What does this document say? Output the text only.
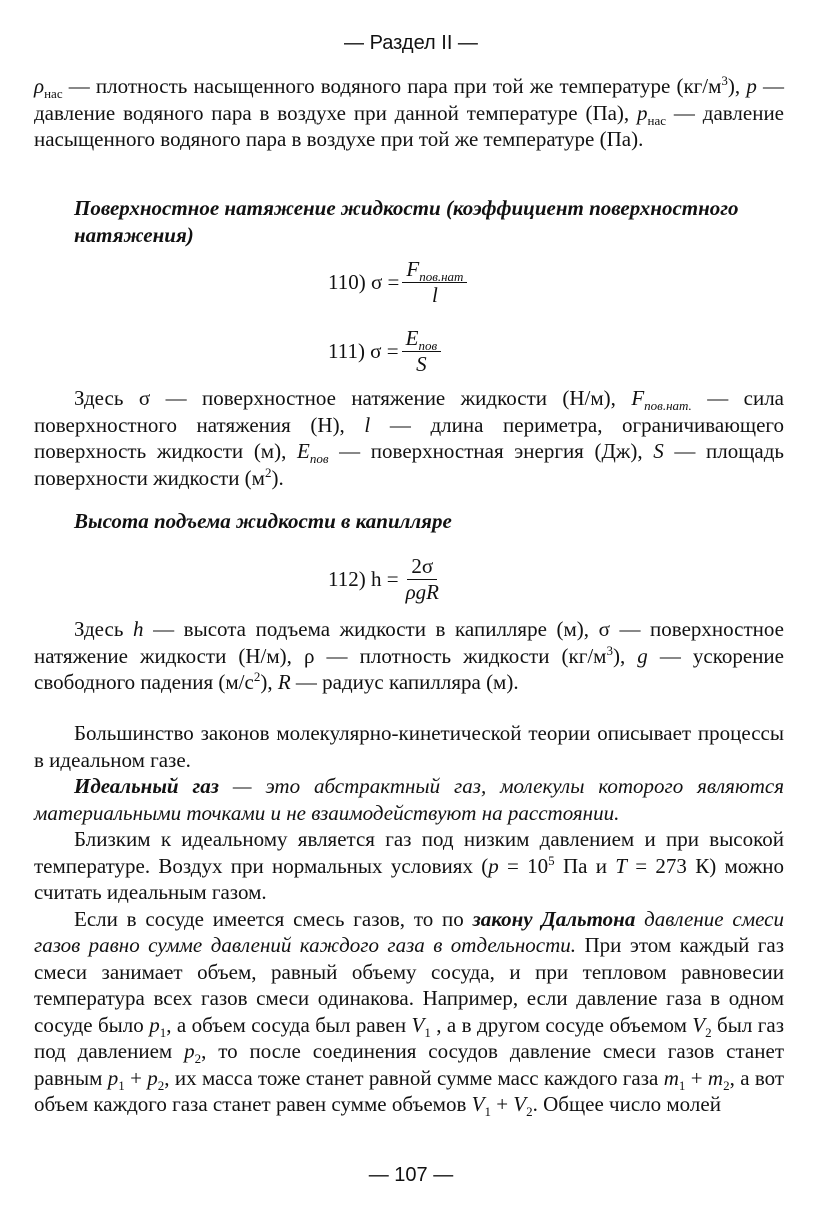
— Раздел II —

$\rho_{нас}$ — плотность насыщенного водяного пара при той же температуре $(кг/м^3)$, p — давление водяного пара в воздухе при данной температуре (Па), $p_{нас}$ — давление насыщенного водяного пара в воздухе при той же температуре (Па).

Поверхностное натяжение жидкости (коэффициент поверхностного натяжения)
110) $\sigma = \frac{F_{пов.нат}}{l}$
111) $\sigma = \frac{E_{пов}}{S}$

Здесь σ — поверхностное натяжение жидкости (Н/м), $F_{пов.нат.}$ — сила поверхностного натяжения (Н), l — длина периметра, ограничивающего поверхность жидкости (м), $E_{пов}$ — поверхностная энергия (Дж), S — площадь поверхности жидкости $(м^2)$.

Высота подъема жидкости в капилляре
112) $h = \frac{2\sigma}{\text{ρgR}}$

Здесь h — высота подъема жидкости в капилляре (м), σ — поверхностное натяжение жидкости (Н/м), ρ — плотность жидкости $(кг/м^3)$, g — ускорение свободного падения $(м/с^2)$, R — радиус капилляра (м).

Большинство законов молекулярно-кинетической теории описывает процессы в идеальном газе.

Идеальный газ — это абстрактный газ, молекулы которого являются материальными точками и не взаимодействуют на расстоянии.

Близким к идеальному является газ под низким давлением и при высокой температуре. Воздух при нормальных условиях ($p = 10^5$ Па и T = 273 К) можно считать идеальным газом.

Если в сосуде имеется смесь газов, то по закону Дальтона давление смеси газов равно сумме давлений каждого газа в отдельности. При этом каждый газ смеси занимает объем, равный объему сосуда, и при тепловом равновесии температура всех газов смеси одинакова. Например, если давление газа в одном сосуде было $p_1$, а объем сосуда был равен $V_1$ , а в другом сосуде объемом $V_2$ был газ под давлением $p_2$, то после соединения сосудов давление смеси газов станет равным $p_1 + p_2$, их масса тоже станет равной сумме масс каждого газа $m_1 + m_2$, а вот объем каждого газа станет равен сумме объемов $V_1 + V_2$. Общее число молей

— 107 —
